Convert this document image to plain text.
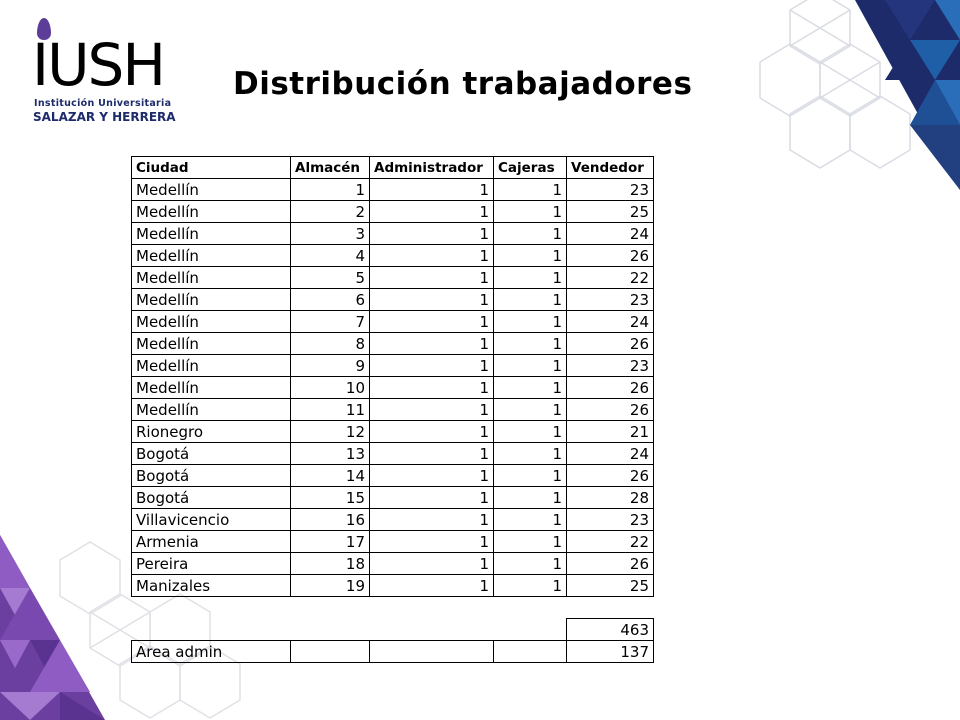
IUSH
Institución Universitaria
SALAZAR Y HERRERA
Distribución trabajadores
Ciudad	Almacén	Administrador	Cajeras	Vendedor
Medellín	1	1	1	23
Medellín	2	1	1	25
Medellín	3	1	1	24
Medellín	4	1	1	26
Medellín	5	1	1	22
Medellín	6	1	1	23
Medellín	7	1	1	24
Medellín	8	1	1	26
Medellín	9	1	1	23
Medellín	10	1	1	26
Medellín	11	1	1	26
Rionegro	12	1	1	21
Bogotá	13	1	1	24
Bogotá	14	1	1	26
Bogotá	15	1	1	28
Villavicencio	16	1	1	23
Armenia	17	1	1	22
Pereira	18	1	1	26
Manizales	19	1	1	25

				463
Area admin				137
